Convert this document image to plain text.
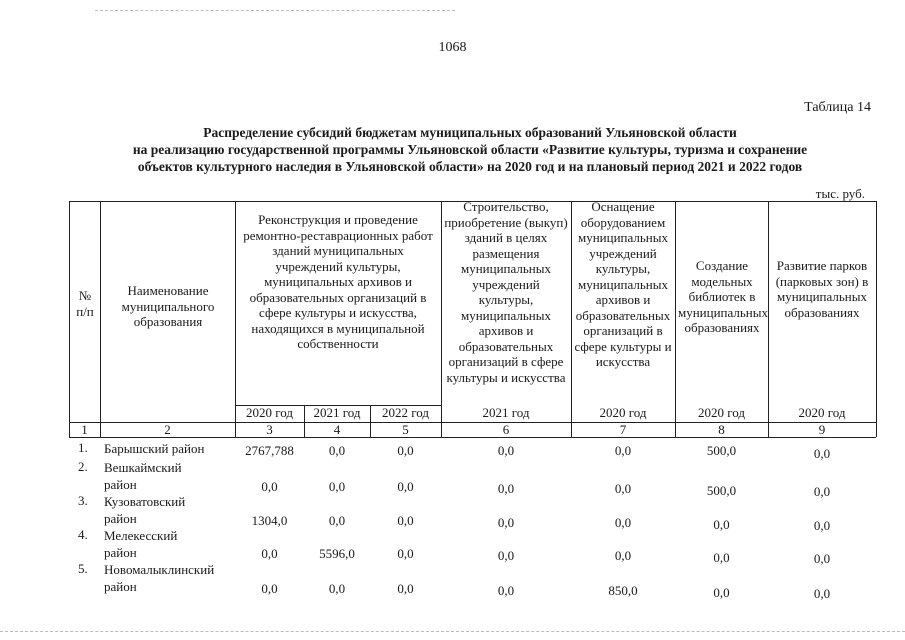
1068
Таблица 14
Распределение субсидий бюджетам муниципальных образований Ульяновской области
на реализацию государственной программы Ульяновской области «Развитие культуры, туризма и сохранение
объектов культурного наследия в Ульяновской области» на 2020 год и на плановый период 2021 и 2022 годов
тыс. руб.
№ п/п
Наименование муниципального образования
Реконструкция и проведение ремонтно-реставрационных работ зданий муниципальных учреждений культуры, муниципальных архивов и образовательных организаций в сфере культуры и искусства, находящихся в муниципальной собственности
Строительство, приобретение (выкуп) зданий в целях размещения муниципальных учреждений культуры, муниципальных архивов и образовательных организаций в сфере культуры и искусства
Оснащение оборудованием муниципальных учреждений культуры, муниципальных архивов и образовательных организаций в сфере культуры и искусства
Создание модельных библиотек в муниципальных образованиях
Развитие парков (парковых зон) в муниципальных образованиях
2020 год	2021 год	2022 год	2021 год	2020 год	2020 год	2020 год
1	2	3	4	5	6	7	8	9
1. Барышский район	2767,788	0,0	0,0	0,0	0,0	500,0	0,0
2. Вешкаймский район	0,0	0,0	0,0	0,0	0,0	500,0	0,0
3. Кузоватовский район	1304,0	0,0	0,0	0,0	0,0	0,0	0,0
4. Мелекесский район	0,0	5596,0	0,0	0,0	0,0	0,0	0,0
5. Новомалыклинский район	0,0	0,0	0,0	0,0	850,0	0,0	0,0
